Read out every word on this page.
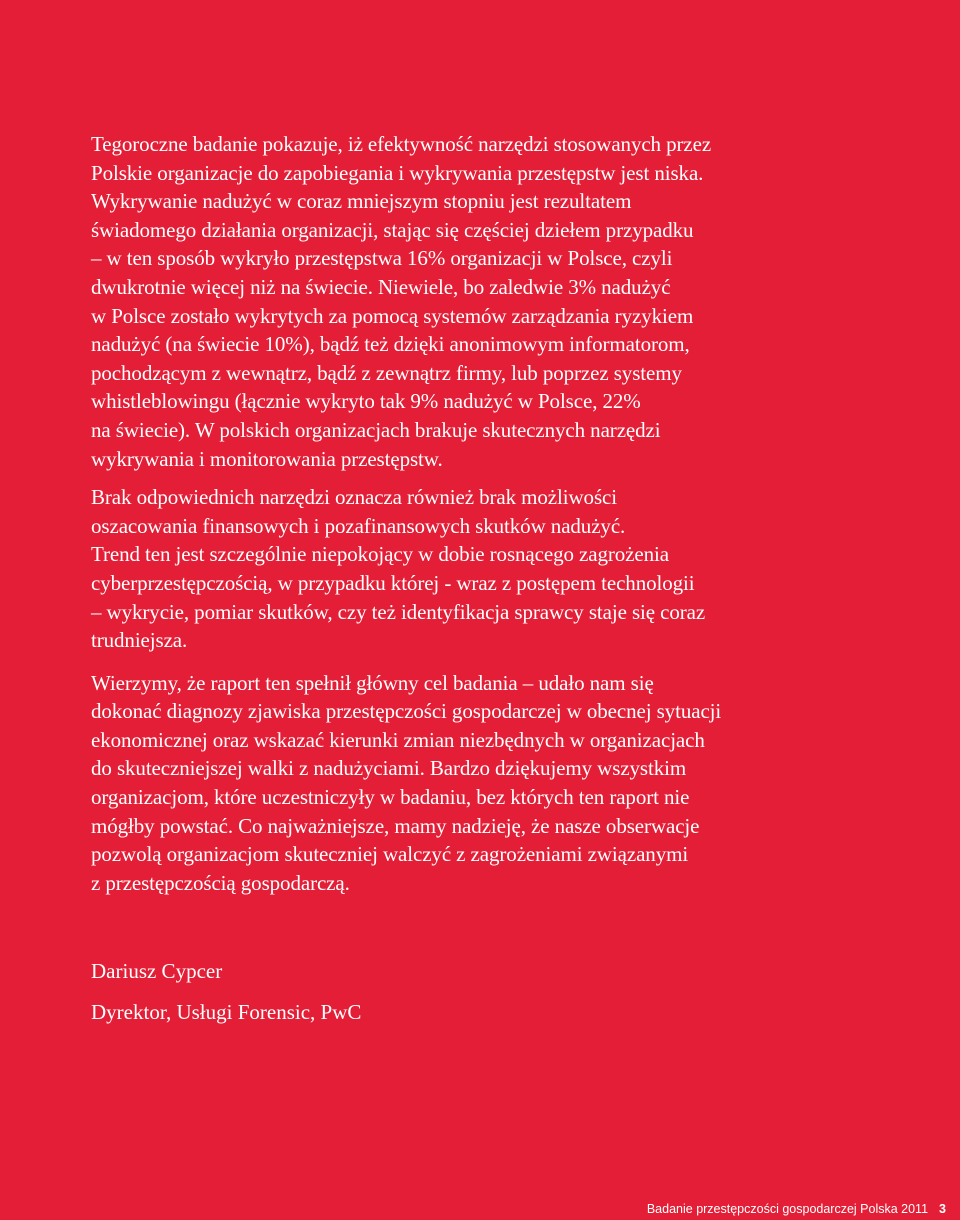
Tegoroczne badanie pokazuje, iż efektywność narzędzi stosowanych przez
Polskie organizacje do zapobiegania i wykrywania przestępstw jest niska.
Wykrywanie nadużyć w coraz mniejszym stopniu jest rezultatem
świadomego działania organizacji, stając się częściej dziełem przypadku
– w ten sposób wykryło przestępstwa 16% organizacji w Polsce, czyli
dwukrotnie więcej niż na świecie. Niewiele, bo zaledwie 3% nadużyć
w Polsce zostało wykrytych za pomocą systemów zarządzania ryzykiem
nadużyć (na świecie 10%), bądź też dzięki anonimowym informatorom,
pochodzącym z wewnątrz, bądź z zewnątrz firmy, lub poprzez systemy
whistleblowingu (łącznie wykryto tak 9% nadużyć w Polsce, 22%
na świecie). W polskich organizacjach brakuje skutecznych narzędzi
wykrywania i monitorowania przestępstw.

Brak odpowiednich narzędzi oznacza również brak możliwości
oszacowania finansowych i pozafinansowych skutków nadużyć.
Trend ten jest szczególnie niepokojący w dobie rosnącego zagrożenia
cyberprzestępczością, w przypadku której - wraz z postępem technologii
– wykrycie, pomiar skutków, czy też identyfikacja sprawcy staje się coraz
trudniejsza.

Wierzymy, że raport ten spełnił główny cel badania – udało nam się
dokonać diagnozy zjawiska przestępczości gospodarczej w obecnej sytuacji
ekonomicznej oraz wskazać kierunki zmian niezbędnych w organizacjach
do skuteczniejszej walki z nadużyciami. Bardzo dziękujemy wszystkim
organizacjom, które uczestniczyły w badaniu, bez których ten raport nie
mógłby powstać. Co najważniejsze, mamy nadzieję, że nasze obserwacje
pozwolą organizacjom skuteczniej walczyć z zagrożeniami związanymi
z przestępczością gospodarczą.

Dariusz Cypcer
Dyrektor, Usługi Forensic, PwC
Badanie przestępczości gospodarczej Polska 2011 3
